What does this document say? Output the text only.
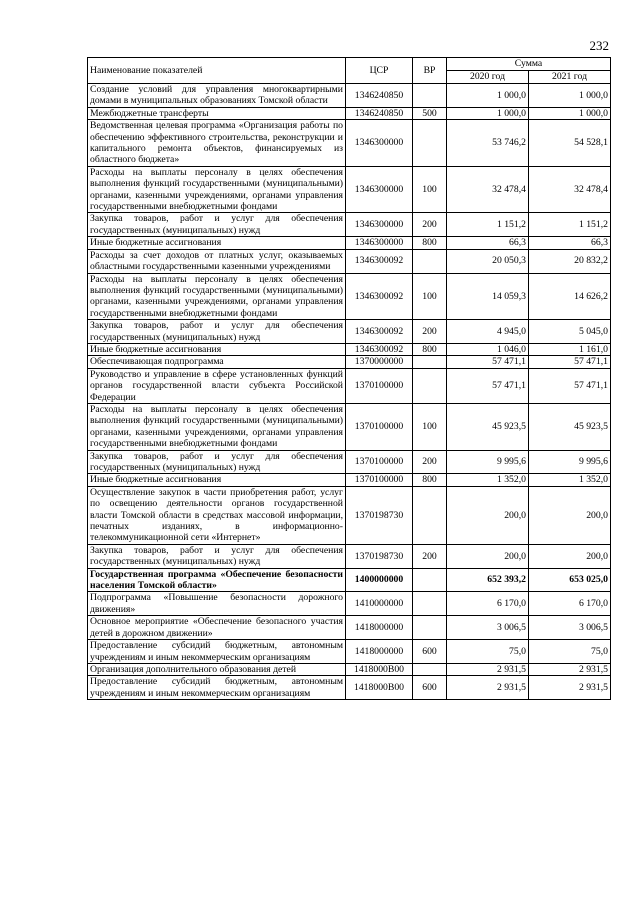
232
Наименование показателей	ЦСР	ВР	Сумма	
			2020 год	2021 год
Создание условий для управления многоквартирными домами в муниципальных образованиях Томской области	1346240850		1 000,0	1 000,0
Межбюджетные трансферты	1346240850	500	1 000,0	1 000,0
Ведомственная целевая программа «Организация работы по обеспечению эффективного строительства, реконструкции и капитального ремонта объектов, финансируемых из областного бюджета»	1346300000		53 746,2	54 528,1
Расходы на выплаты персоналу в целях обеспечения выполнения функций государственными (муниципальными) органами, казенными учреждениями, органами управления государственными внебюджетными фондами	1346300000	100	32 478,4	32 478,4
Закупка товаров, работ и услуг для обеспечения государственных (муниципальных) нужд	1346300000	200	1 151,2	1 151,2
Иные бюджетные ассигнования	1346300000	800	66,3	66,3
Расходы за счет доходов от платных услуг, оказываемых областными государственными казенными учреждениями	1346300092		20 050,3	20 832,2
Расходы на выплаты персоналу в целях обеспечения выполнения функций государственными (муниципальными) органами, казенными учреждениями, органами управления государственными внебюджетными фондами	1346300092	100	14 059,3	14 626,2
Закупка товаров, работ и услуг для обеспечения государственных (муниципальных) нужд	1346300092	200	4 945,0	5 045,0
Иные бюджетные ассигнования	1346300092	800	1 046,0	1 161,0
Обеспечивающая подпрограмма	1370000000		57 471,1	57 471,1
Руководство и управление в сфере установленных функций органов государственной власти субъекта Российской Федерации	1370100000		57 471,1	57 471,1
Расходы на выплаты персоналу в целях обеспечения выполнения функций государственными (муниципальными) органами, казенными учреждениями, органами управления государственными внебюджетными фондами	1370100000	100	45 923,5	45 923,5
Закупка товаров, работ и услуг для обеспечения государственных (муниципальных) нужд	1370100000	200	9 995,6	9 995,6
Иные бюджетные ассигнования	1370100000	800	1 352,0	1 352,0
Осуществление закупок в части приобретения работ, услуг по освещению деятельности органов государственной власти Томской области в средствах массовой информации, печатных изданиях, в информационно-телекоммуникационной сети «Интернет»	1370198730		200,0	200,0
Закупка товаров, работ и услуг для обеспечения государственных (муниципальных) нужд	1370198730	200	200,0	200,0
Государственная программа «Обеспечение безопасности населения Томской области»	1400000000		652 393,2	653 025,0
Подпрограмма «Повышение безопасности дорожного движения»	1410000000		6 170,0	6 170,0
Основное мероприятие «Обеспечение безопасного участия детей в дорожном движении»	1418000000		3 006,5	3 006,5
Предоставление субсидий бюджетным, автономным учреждениям и иным некоммерческим организациям	1418000000	600	75,0	75,0
Организация дополнительного образования детей	1418000В00		2 931,5	2 931,5
Предоставление субсидий бюджетным, автономным учреждениям и иным некоммерческим организациям	1418000В00	600	2 931,5	2 931,5
